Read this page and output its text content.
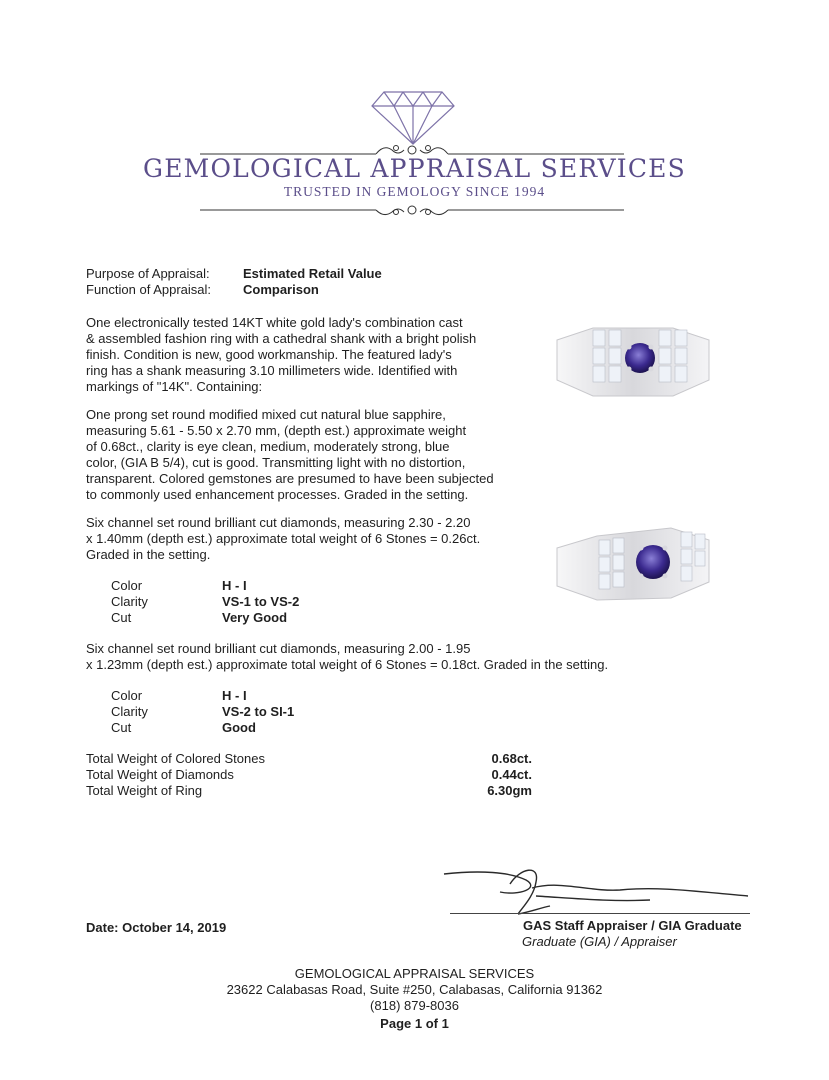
GEMOLOGICAL APPRAISAL SERVICES
TRUSTED IN GEMOLOGY SINCE 1994
Purpose of Appraisal:	Estimated Retail Value
Function of Appraisal: Comparison
One electronically tested 14KT white gold lady's combination cast
& assembled fashion ring with a cathedral shank with a bright polish
finish. Condition is new, good workmanship. The featured lady's
ring has a shank measuring 3.10 millimeters wide. Identified with
markings of "14K". Containing:
One prong set round modified mixed cut natural blue sapphire,
measuring 5.61 - 5.50 x 2.70 mm, (depth est.) approximate weight
of 0.68ct., clarity is eye clean, medium, moderately strong, blue
color, (GIA B 5/4), cut is good. Transmitting light with no distortion,
transparent. Colored gemstones are presumed to have been subjected
to commonly used enhancement processes. Graded in the setting.
Six channel set round brilliant cut diamonds, measuring 2.30 - 2.20
x 1.40mm (depth est.) approximate total weight of 6 Stones = 0.26ct.
Graded in the setting.
Color	H - I
Clarity	VS-1 to VS-2
Cut	Very Good
Six channel set round brilliant cut diamonds, measuring 2.00 - 1.95
x 1.23mm (depth est.) approximate total weight of 6 Stones = 0.18ct. Graded in the setting.
Color	H - I
Clarity	VS-2 to SI-1
Cut	Good
Total Weight of Colored Stones	0.68ct.
Total Weight of Diamonds	0.44ct.
Total Weight of Ring	6.30gm
Date: October 14, 2019	GAS Staff Appraiser / GIA Graduate
Graduate (GIA) / Appraiser
GEMOLOGICAL APPRAISAL SERVICES
23622 Calabasas Road, Suite #250, Calabasas, California 91362
(818) 879-8036
Page 1 of 1
